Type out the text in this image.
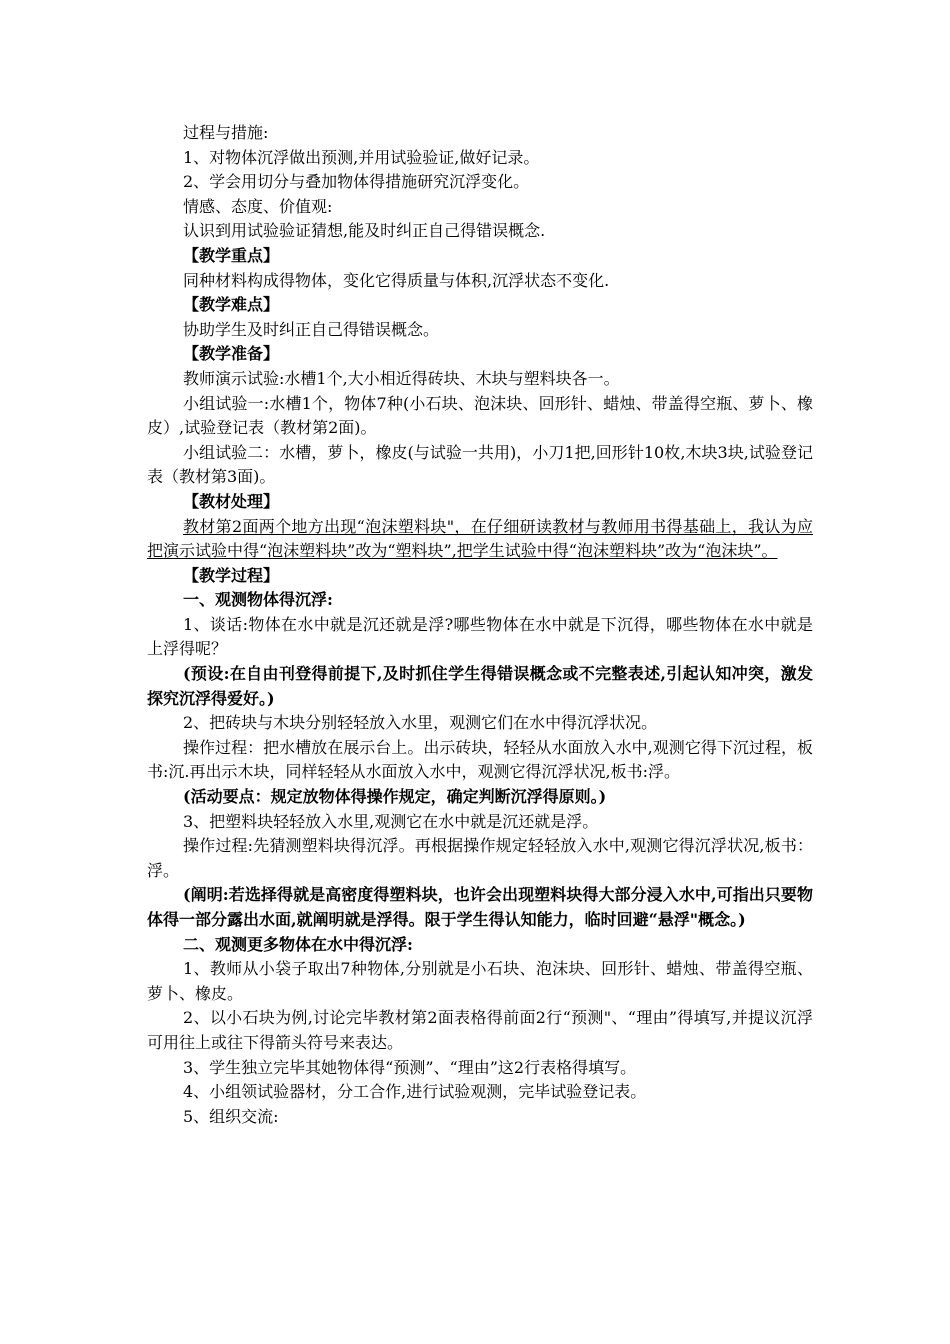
过程与措施:

1、对物体沉浮做出预测,并用试验验证,做好记录。

2、学会用切分与叠加物体得措施研究沉浮变化。

情感、态度、价值观:

认识到用试验验证猜想,能及时纠正自己得错误概念.

【教学重点】

同种材料构成得物体，变化它得质量与体积,沉浮状态不变化.

【教学难点】

协助学生及时纠正自己得错误概念。

【教学准备】

教师演示试验:水槽1个,大小相近得砖块、木块与塑料块各一。

小组试验一:水槽1个，物体7种(小石块、泡沫块、回形针、蜡烛、带盖得空瓶、萝卜、橡皮）,试验登记表（教材第2面)。

小组试验二：水槽，萝卜，橡皮(与试验一共用)，小刀1把,回形针10枚,木块3块,试验登记表（教材第3面)。

【教材处理】

教材第2面两个地方出现“泡沫塑料块"，在仔细研读教材与教师用书得基础上，我认为应把演示试验中得“泡沫塑料块”改为“塑料块”,把学生试验中得“泡沫塑料块”改为“泡沫块”。

【教学过程】

一、观测物体得沉浮:

1、谈话:物体在水中就是沉还就是浮?哪些物体在水中就是下沉得，哪些物体在水中就是上浮得呢？

(预设:在自由刊登得前提下,及时抓住学生得错误概念或不完整表述,引起认知冲突，激发探究沉浮得爱好。)

2、把砖块与木块分别轻轻放入水里，观测它们在水中得沉浮状况。

操作过程：把水槽放在展示台上。出示砖块，轻轻从水面放入水中,观测它得下沉过程，板书:沉.再出示木块，同样轻轻从水面放入水中，观测它得沉浮状况,板书:浮。

(活动要点：规定放物体得操作规定，确定判断沉浮得原则。)

3、把塑料块轻轻放入水里,观测它在水中就是沉还就是浮。

操作过程:先猜测塑料块得沉浮。再根据操作规定轻轻放入水中,观测它得沉浮状况,板书：浮。

(阐明:若选择得就是高密度得塑料块，也许会出现塑料块得大部分浸入水中,可指出只要物体得一部分露出水面,就阐明就是浮得。限于学生得认知能力，临时回避“悬浮"概念。)

二、观测更多物体在水中得沉浮:

1、教师从小袋子取出7种物体,分别就是小石块、泡沫块、回形针、蜡烛、带盖得空瓶、萝卜、橡皮。

2、以小石块为例,讨论完毕教材第2面表格得前面2行“预测"、“理由”得填写,并提议沉浮可用往上或往下得箭头符号来表达。

3、学生独立完毕其她物体得“预测”、“理由”这2行表格得填写。

4、小组领试验器材，分工合作,进行试验观测，完毕试验登记表。

5、组织交流:
